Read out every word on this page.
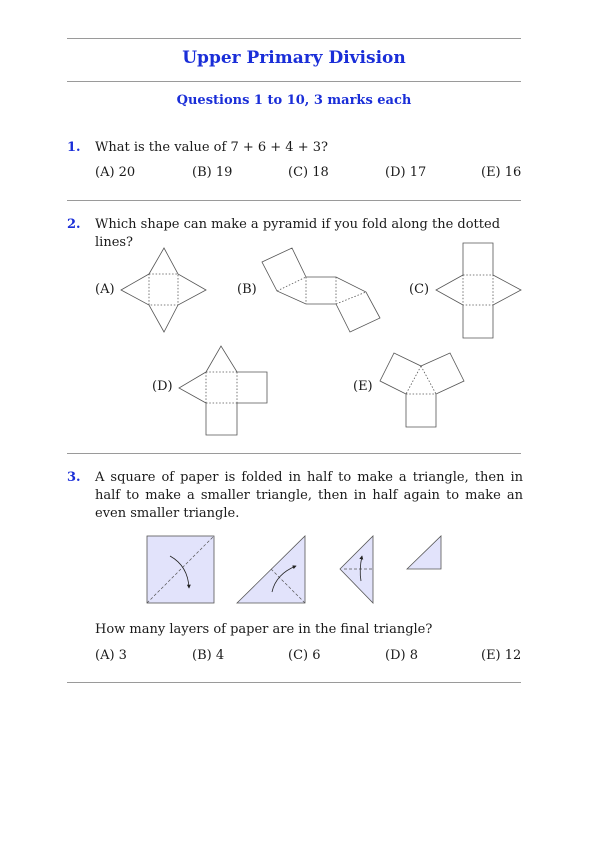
Upper Primary Division
Questions 1 to 10, 3 marks each
1. What is the value of 7 + 6 + 4 + 3?
(A) 20	(B) 19	(C) 18	(D) 17	(E) 16
2. Which shape can make a pyramid if you fold along the dotted lines?
(A)	(B)	(C)
(D)	(E)
3. A square of paper is folded in half to make a triangle, then in half to make a smaller triangle, then in half again to make an even smaller triangle.
How many layers of paper are in the final triangle?
(A) 3	(B) 4	(C) 6	(D) 8	(E) 12
